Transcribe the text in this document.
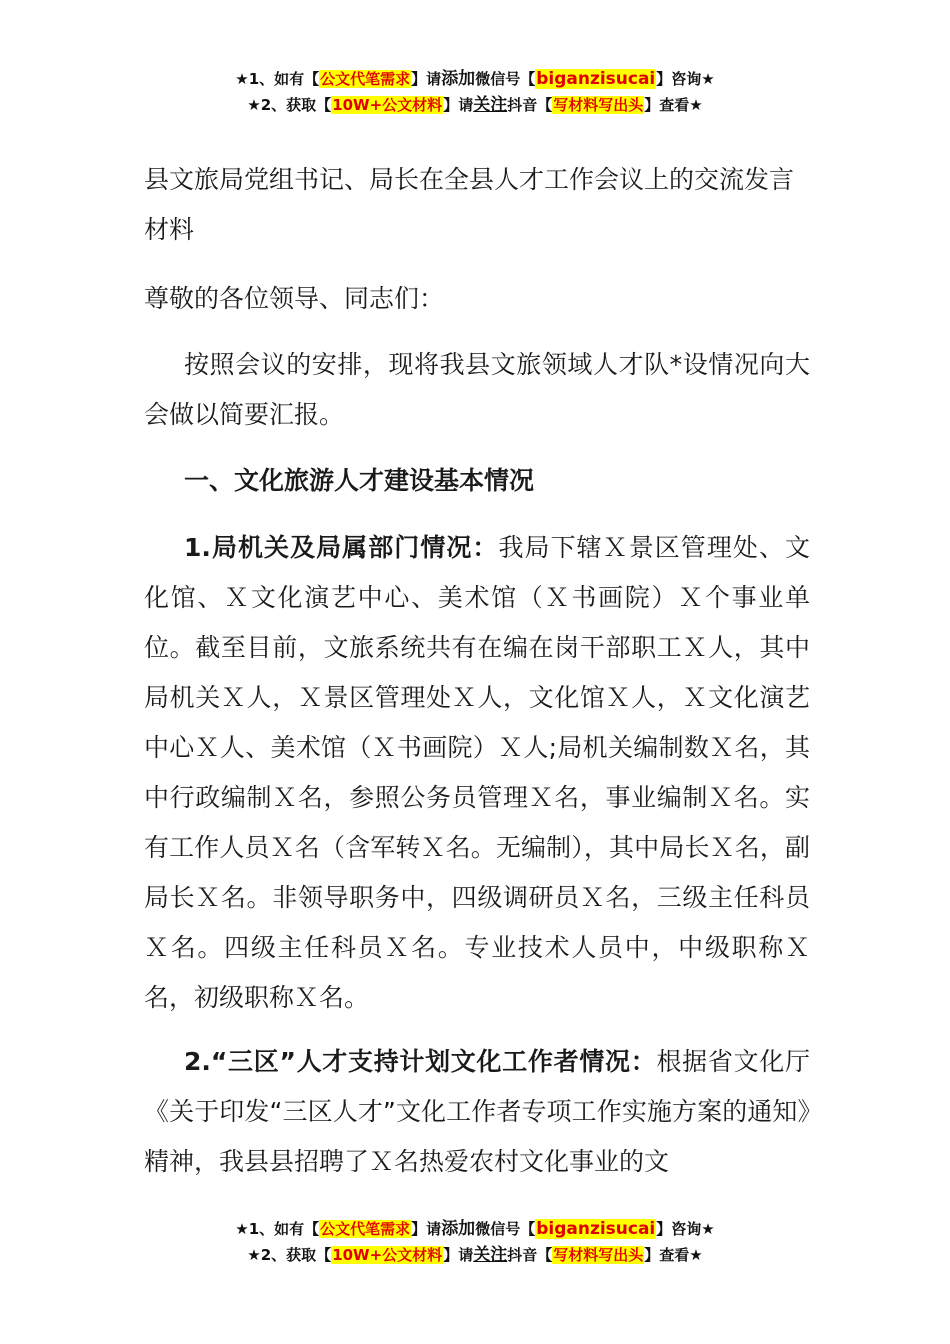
★1、如有【公文代笔需求】请添加微信号【biganzisucai】咨询★
★2、获取【10W+公文材料】请关注抖音【写材料写出头】查看★
县文旅局党组书记、局长在全县人才工作会议上的交流发言材料
尊敬的各位领导、同志们：
按照会议的安排，现将我县文旅领域人才队*设情况向大会做以简要汇报。
一、文化旅游人才建设基本情况
1.局机关及局属部门情况：我局下辖Ｘ景区管理处、文化馆、Ｘ文化演艺中心、美术馆（Ｘ书画院）Ｘ个事业单位。截至目前，文旅系统共有在编在岗干部职工Ｘ人，其中局机关Ｘ人，Ｘ景区管理处Ｘ人，文化馆Ｘ人，Ｘ文化演艺中心Ｘ人、美术馆（Ｘ书画院）Ｘ人;局机关编制数Ｘ名，其中行政编制Ｘ名，参照公务员管理Ｘ名，事业编制Ｘ名。实有工作人员Ｘ名（含军转Ｘ名。无编制），其中局长Ｘ名，副局长Ｘ名。非领导职务中，四级调研员Ｘ名，三级主任科员Ｘ名。四级主任科员Ｘ名。专业技术人员中，中级职称Ｘ名，初级职称Ｘ名。
2.“三区”人才支持计划文化工作者情况：根据省文化厅《关于印发“三区人才”文化工作者专项工作实施方案的通知》精神，我县县招聘了Ｘ名热爱农村文化事业的文
★1、如有【公文代笔需求】请添加微信号【biganzisucai】咨询★
★2、获取【10W+公文材料】请关注抖音【写材料写出头】查看★
